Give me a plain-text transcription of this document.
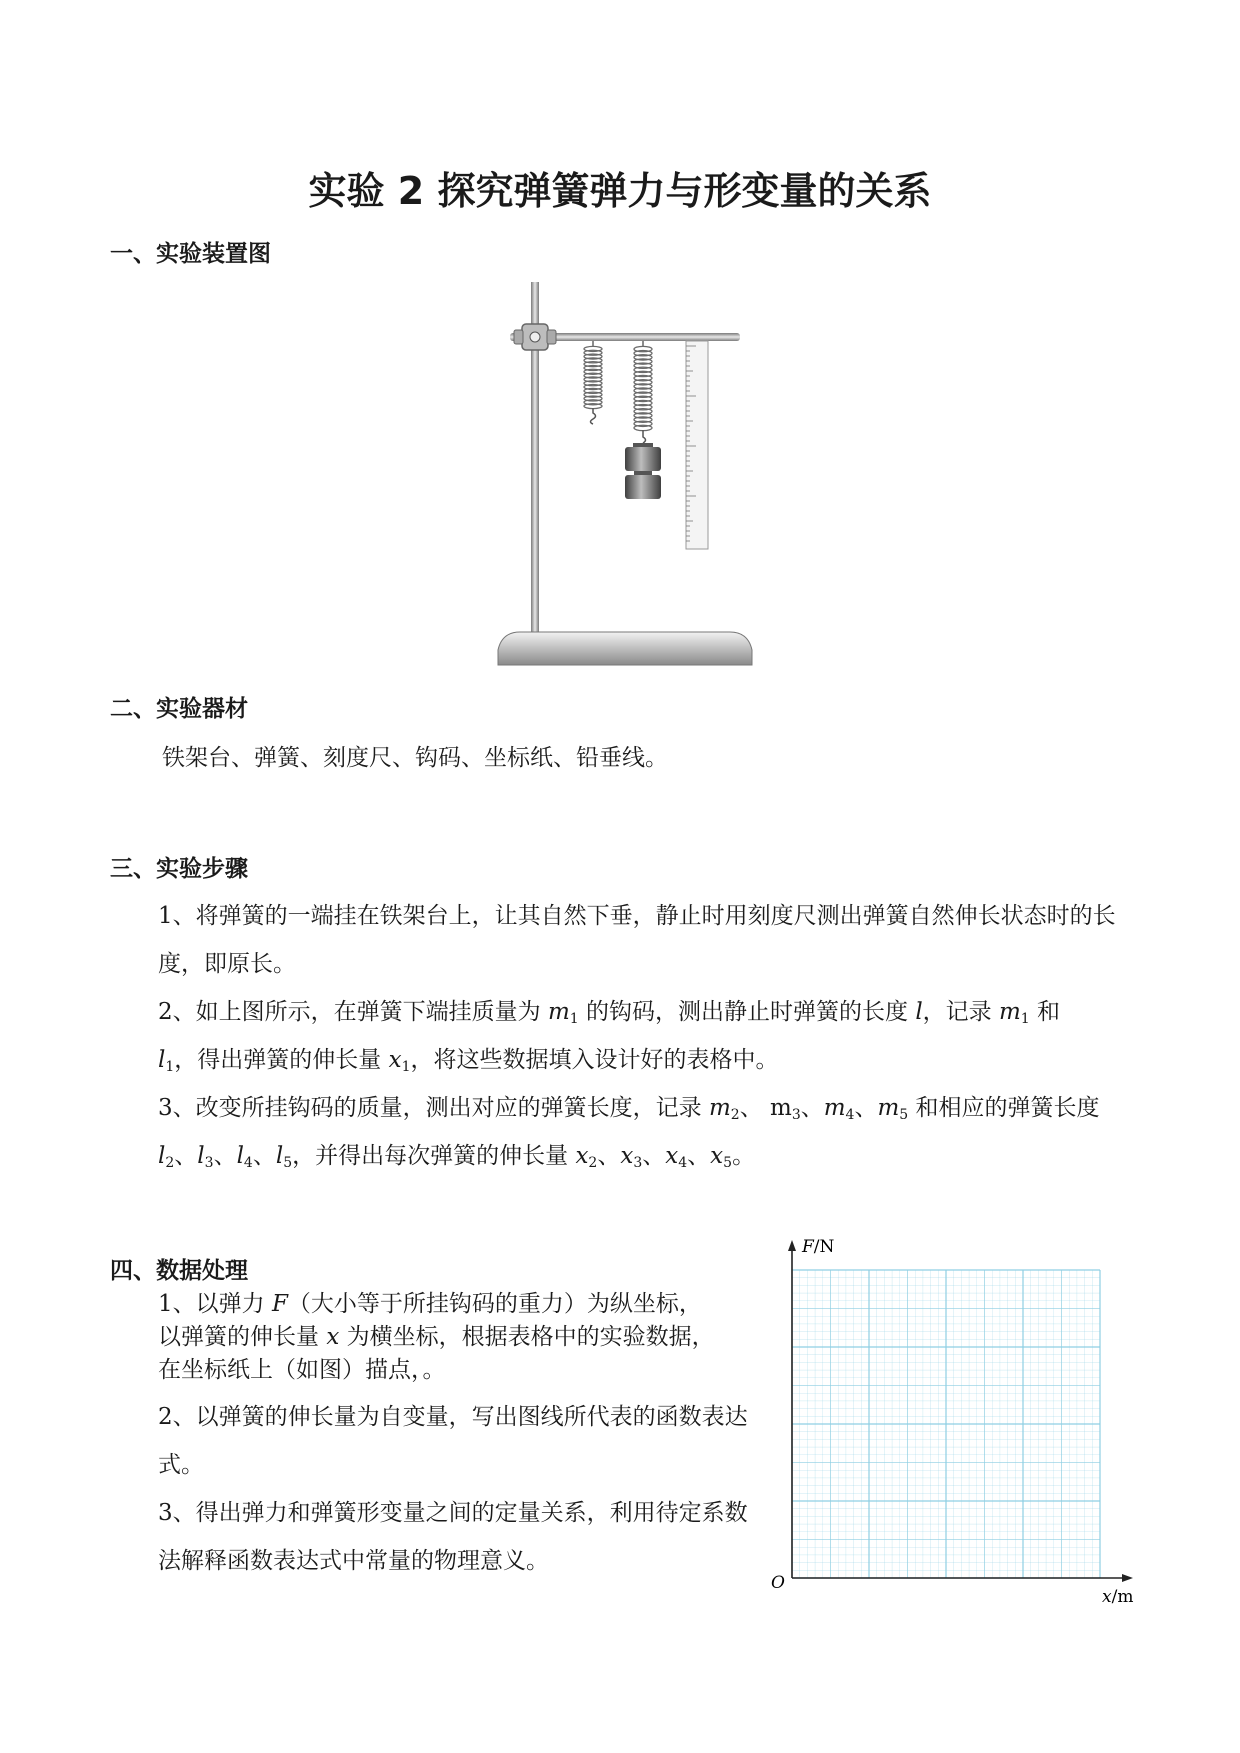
实验 2 探究弹簧弹力与形变量的关系
一、实验装置图
二、实验器材
铁架台、弹簧、刻度尺、钩码、坐标纸、铅垂线。
三、实验步骤
1、将弹簧的一端挂在铁架台上，让其自然下垂，静止时用刻度尺测出弹簧自然伸长状态时的长度，即原长。
2、如上图所示，在弹簧下端挂质量为 $m_1$ 的钩码，测出静止时弹簧的长度 l，记录 $m_1$ 和
$l_1$，得出弹簧的伸长量 $x_1$，将这些数据填入设计好的表格中。
3、改变所挂钩码的质量，测出对应的弹簧长度，记录 $m_2$、 $m_3$、$m_4$、$m_5$ 和相应的弹簧长度
$l_2$、$l_3$、$l_4$、$l_5$，并得出每次弹簧的伸长量 $x_2$、$x_3$、$x_4$、$x_5$。
四、数据处理
1、以弹力 F（大小等于所挂钩码的重力）为纵坐标，
以弹簧的伸长量 x 为横坐标，根据表格中的实验数据，
在坐标纸上（如图）描点，。
2、以弹簧的伸长量为自变量，写出图线所代表的函数表达式。
3、得出弹力和弹簧形变量之间的定量关系，利用待定系数法解释函数表达式中常量的物理意义。
F/N
x/m
O
